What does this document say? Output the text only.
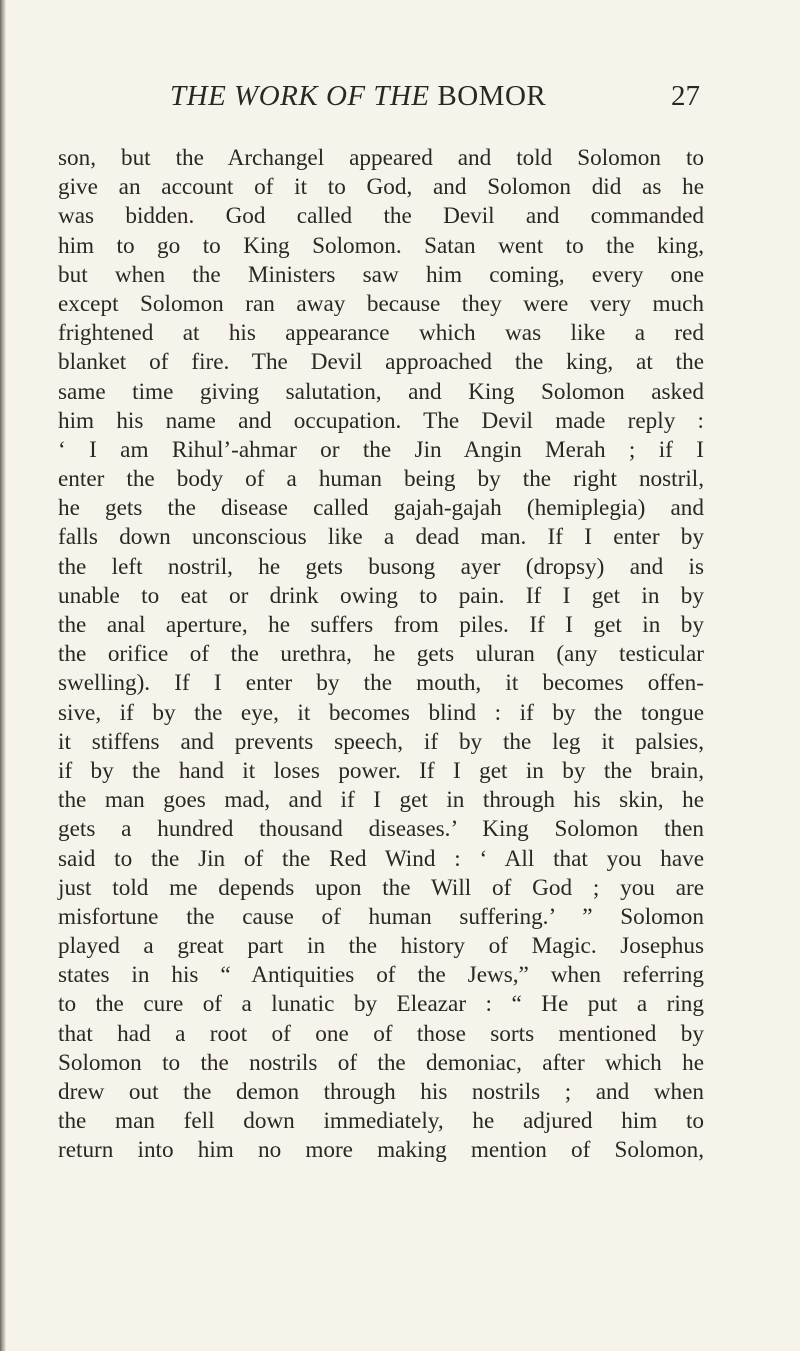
THE WORK OF THE BOMOR	27
son, but the Archangel appeared and told Solomon to
give an account of it to God, and Solomon did as he
was bidden. God called the Devil and commanded
him to go to King Solomon. Satan went to the king,
but when the Ministers saw him coming, every one
except Solomon ran away because they were very much
frightened at his appearance which was like a red
blanket of fire. The Devil approached the king, at the
same time giving salutation, and King Solomon asked
him his name and occupation. The Devil made reply :
‘ I am Rihul’-ahmar or the Jin Angin Merah ; if I
enter the body of a human being by the right nostril,
he gets the disease called gajah-gajah (hemiplegia) and
falls down unconscious like a dead man. If I enter by
the left nostril, he gets busong ayer (dropsy) and is
unable to eat or drink owing to pain. If I get in by
the anal aperture, he suffers from piles. If I get in by
the orifice of the urethra, he gets uluran (any testicular
swelling). If I enter by the mouth, it becomes offen-
sive, if by the eye, it becomes blind : if by the tongue
it stiffens and prevents speech, if by the leg it palsies,
if by the hand it loses power. If I get in by the brain,
the man goes mad, and if I get in through his skin, he
gets a hundred thousand diseases.’ King Solomon then
said to the Jin of the Red Wind : ‘ All that you have
just told me depends upon the Will of God ; you are
misfortune the cause of human suffering.’ ” Solomon
played a great part in the history of Magic. Josephus
states in his “ Antiquities of the Jews,” when referring
to the cure of a lunatic by Eleazar : “ He put a ring
that had a root of one of those sorts mentioned by
Solomon to the nostrils of the demoniac, after which he
drew out the demon through his nostrils ; and when
the man fell down immediately, he adjured him to
return into him no more making mention of Solomon,
